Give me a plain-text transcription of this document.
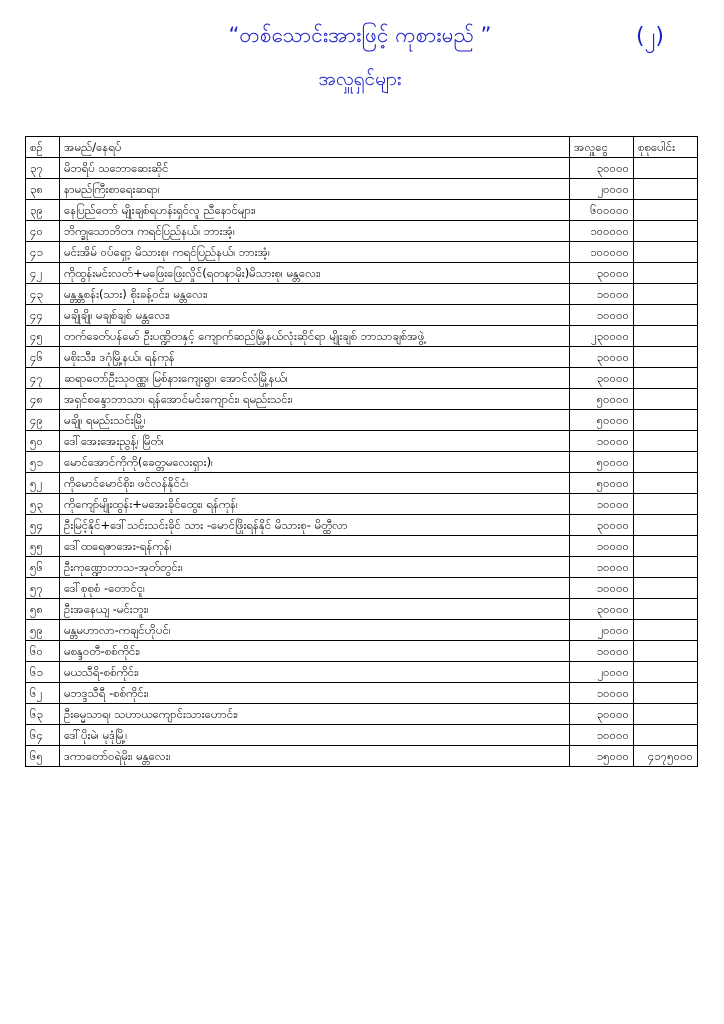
“တစ်သောင်းအားဖြင့် ကုစားမည် ”
အလှူရှင်များ
(၂)
စဉ်	အမည်/နေရပ်	အလှူငွေ	စုစုပေါင်း
၃၇	မိဘရိပ် သဘောဆေးဆိုင်	၃၀၀၀၀	
၃၈	နာမည်ကြီးစာရေးဆရာ၊	၂၀၀၀၀	
၃၉	နေပြည်တော် မျိုးချစ်ရဟန်းရှင်လူ ညီနောင်များ၊	၆၀၀၀၀၀	
၄၀	ဘိက္ခုသောဘိတ၊ ကရင်ပြည်နယ်၊ ဘားအံ့၊	၁၀၀၀၀၀	
၄၁	မင်းအိမ် ဝပ်ရှော့ မိသားစု၊ ကရင်ပြည်နယ်၊ ဘားအံ့၊	၁၀၀၀၀၀	
၄၂	ကိုထွန်းမင်းလတ်+မဖြေးဖြေးလှိုင်(ရတနာမိုး)မိသားစု၊ မန္တလေး၊	၃၀၀၀၀	
၄၃	မန္တန္တစန်း(သား) စိုးခန့်ဝင်း၊ မန္တလေး၊	၁၀၀၀၀	
၄၄	မချိုချို၊ မချစ်ချစ် မန္တလေး၊	၁၀၀၀၀	
၄၅	တက်ခေတ်ပန်မော် ဦးပဏ္ဍိတနှင့် ကျောက်ဆည်မြို့နယ်လုံးဆိုင်ရာ မျိုးချစ် ဘာသာချစ်အဖွဲ့	၂၃၀၀၀၀	
၄၆	မစိုးသီး၊ ဒဂုံမြို့နယ်၊ ရန်ကုန်	၃၀၀၀၀	
၄၇	ဆရာတော်ဦးသုဝဏ္ဏ၊ မြစ်နားကျေးရွာ၊ အောင်လံမြို့နယ်၊	၃၀၀၀၀	
၄၈	အရှင်စန္ဒောဘာသာ၊ ရန်အောင်မင်းကျောင်း၊ ရမည်းသင်း၊	၅၀၀၀၀	
၄၉	မချို၊ ရမည်းသင်းမြို့၊	၅၀၀၀၀	
၅၀	ဒေါ်အေးအေးညွန့်၊ မြိတ်၊	၁၀၀၀၀	
၅၁	မောင်အောင်ကိုကို(ခေတ္တမလေးရှား)၊	၅၀၀၀၀	
၅၂	ကိုမောင်မောင်စိုး၊ ဖင်လန်နိုင်ငံ၊	၅၀၀၀၀	
၅၃	ကိုကျော်မျိုးထွန်း+မအေးခိုင်ထွေး၊ ရန်ကုန်၊	၁၀၀၀၀	
၅၄	ဦးမြင့်နိုင်+ဒေါ်သင်းသင်းခိုင် သား -မောင်ဖြိုးရန်နိုင် မိသားစု- မိတ္ထီလာ	၃၀၀၀၀	
၅၅	ဒေါ်ထရေဇာအေး-ရန်ကုန်၊	၁၀၀၀၀	
၅၆	ဦးကုဏ္ဍောဘာသ-အုတ်တွင်း၊	၁၀၀၀၀	
၅၇	ဒေါ်စုစုစံ -တောင်ငူ၊	၁၀၀၀၀	
၅၈	ဦးအနေယျ -မင်းဘူး၊	၃၀၀၀၀	
၅၉	မန္တမဟာလာ-ကချင်ဟိုပင်၊	၂၀၀၀၀	
၆၀	မစန္ဒဝတီ-စစ်ကိုင်း၊	၁၀၀၀၀	
၆၁	မယသီရိ-စစ်ကိုင်း၊	၂၀၀၀၀	
၆၂	မဘဒ္ဒသီရီ -စစ်ကိုင်း၊	၁၀၀၀၀	
၆၃	ဦးဓမ္မသာရ၊ သဟာယကျောင်းသားဟောင်း၊	၃၀၀၀၀	
၆၄	ဒေါ်ပိုးမဲ၊ မုဒုံမြို့၊	၁၀၀၀၀	
၆၅	ဒကာတော်ဝရဲမိုး၊ မန္တလေး၊	၁၅၀၀၀	၄၁၇၅၀၀၀
